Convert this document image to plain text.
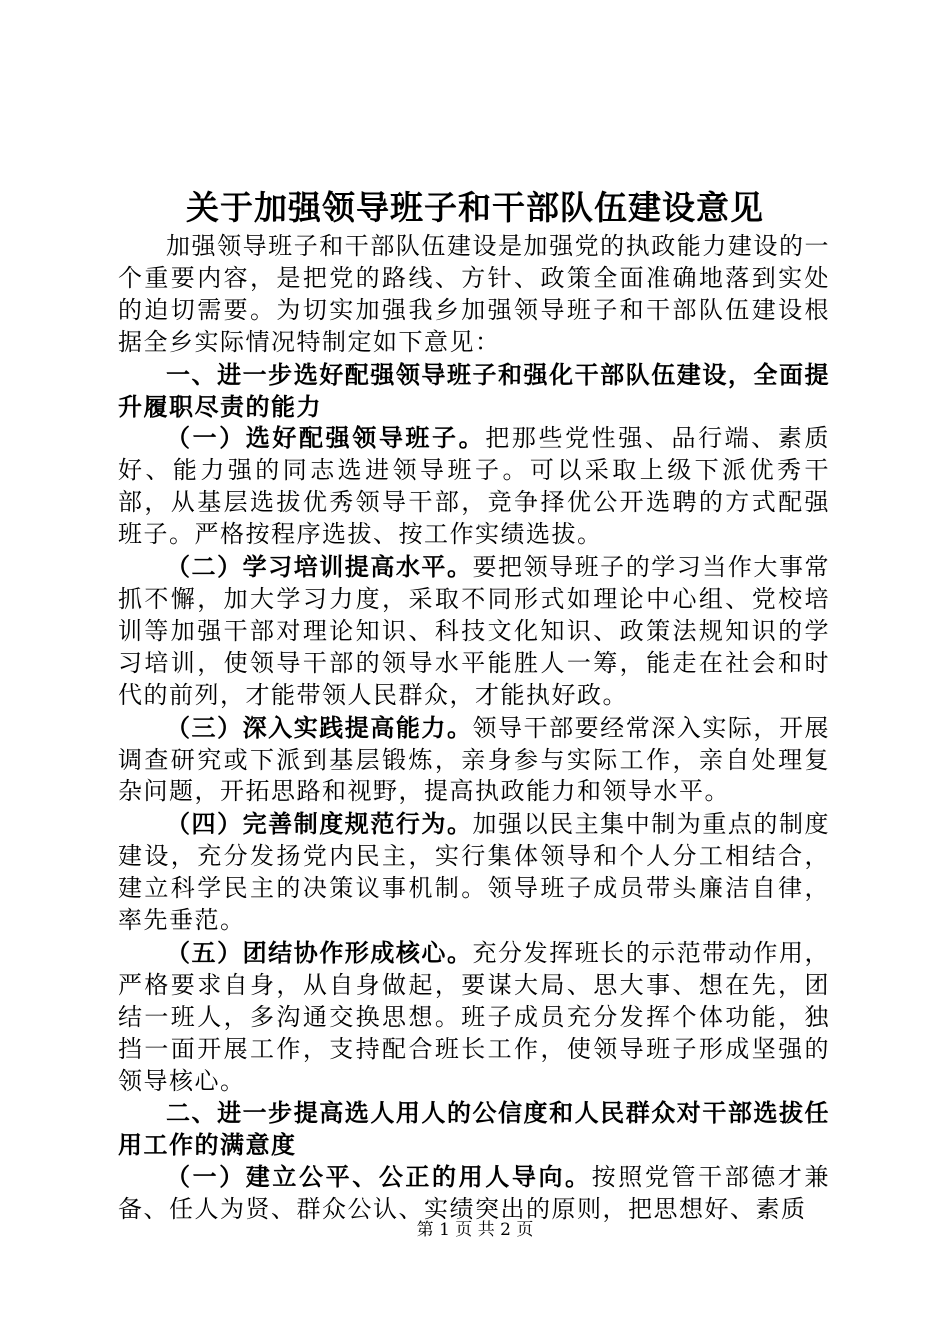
关于加强领导班子和干部队伍建设意见

加强领导班子和干部队伍建设是加强党的执政能力建设的一个重要内容，是把党的路线、方针、政策全面准确地落到实处的迫切需要。为切实加强我乡加强领导班子和干部队伍建设根据全乡实际情况特制定如下意见：

一、进一步选好配强领导班子和强化干部队伍建设，全面提升履职尽责的能力

（一）选好配强领导班子。把那些党性强、品行端、素质好、能力强的同志选进领导班子。可以采取上级下派优秀干部，从基层选拔优秀领导干部，竞争择优公开选聘的方式配强班子。严格按程序选拔、按工作实绩选拔。

（二）学习培训提高水平。要把领导班子的学习当作大事常抓不懈，加大学习力度，采取不同形式如理论中心组、党校培训等加强干部对理论知识、科技文化知识、政策法规知识的学习培训，使领导干部的领导水平能胜人一筹，能走在社会和时代的前列，才能带领人民群众，才能执好政。

（三）深入实践提高能力。领导干部要经常深入实际，开展调查研究或下派到基层锻炼，亲身参与实际工作，亲自处理复杂问题，开拓思路和视野，提高执政能力和领导水平。

（四）完善制度规范行为。加强以民主集中制为重点的制度建设，充分发扬党内民主，实行集体领导和个人分工相结合，建立科学民主的决策议事机制。领导班子成员带头廉洁自律，率先垂范。

（五）团结协作形成核心。充分发挥班长的示范带动作用，严格要求自身，从自身做起，要谋大局、思大事、想在先，团结一班人，多沟通交换思想。班子成员充分发挥个体功能，独挡一面开展工作，支持配合班长工作，使领导班子形成坚强的领导核心。

二、进一步提高选人用人的公信度和人民群众对干部选拔任用工作的满意度

（一）建立公平、公正的用人导向。按照党管干部德才兼备、任人为贤、群众公认、实绩突出的原则，把思想好、素质

第 1 页 共 2 页
